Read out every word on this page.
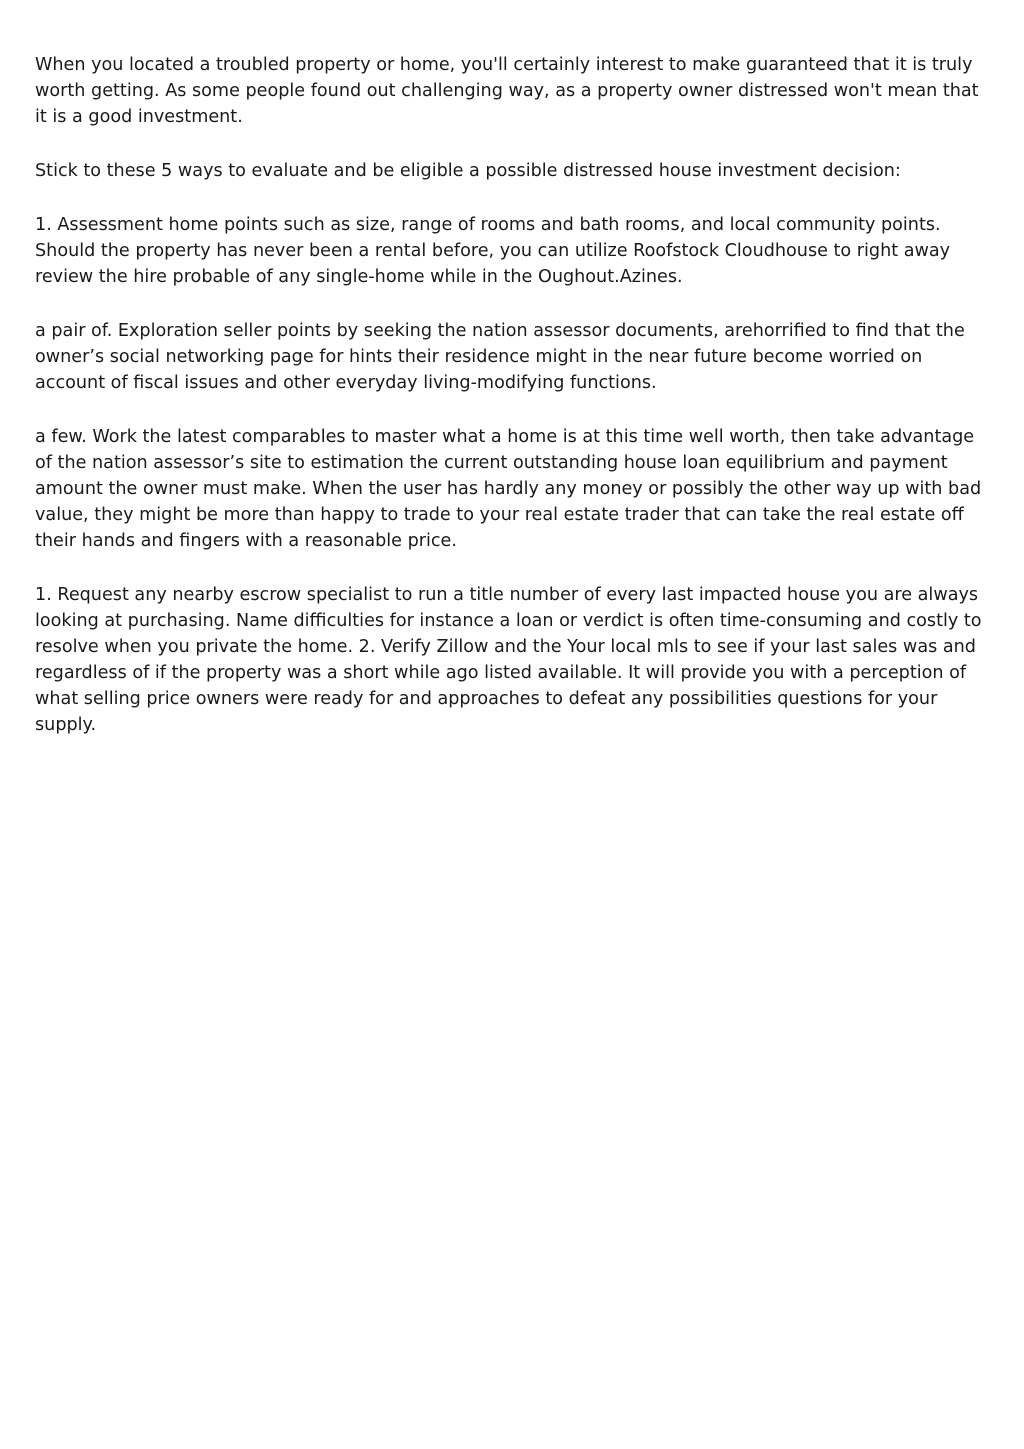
When you located a troubled property or home, you'll certainly interest to make guaranteed that it is truly worth getting. As some people found out challenging way, as a property owner distressed won't mean that it is a good investment.

Stick to these 5 ways to evaluate and be eligible a possible distressed house investment decision:

1. Assessment home points such as size, range of rooms and bath rooms, and local community points. Should the property has never been a rental before, you can utilize Roofstock Cloudhouse to right away review the hire probable of any single-home while in the Oughout.Azines.

a pair of. Exploration seller points by seeking the nation assessor documents, arehorrified to find that the owner’s social networking page for hints their residence might in the near future become worried on account of fiscal issues and other everyday living-modifying functions.

a few. Work the latest comparables to master what a home is at this time well worth, then take advantage of the nation assessor’s site to estimation the current outstanding house loan equilibrium and payment amount the owner must make. When the user has hardly any money or possibly the other way up with bad value, they might be more than happy to trade to your real estate trader that can take the real estate off their hands and fingers with a reasonable price.

1. Request any nearby escrow specialist to run a title number of every last impacted house you are always looking at purchasing. Name difficulties for instance a loan or verdict is often time-consuming and costly to resolve when you private the home. 2. Verify Zillow and the Your local mls to see if your last sales was and regardless of if the property was a short while ago listed available. It will provide you with a perception of what selling price owners were ready for and approaches to defeat any possibilities questions for your supply.
